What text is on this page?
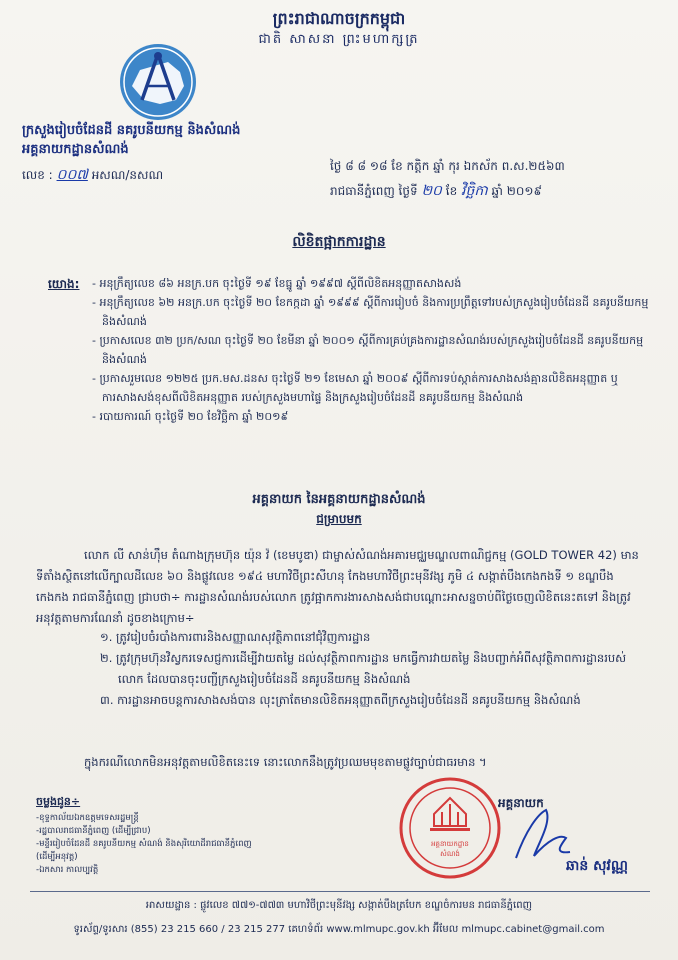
ព្រះរាជាណាចក្រកម្ពុជា
ជាតិ សាសនា ព្រះមហាក្សត្រ
ក្រសួងរៀបចំដែនដី នគរូបនីយកម្ម និងសំណង់
អគ្គនាយកដ្ឋានសំណង់
លេខ : ០០៧ អសណ/នសណ
ថ្ងៃ ៨ ៨ ១៨ ខែ កត្តិក ឆ្នាំ កុរ ឯកស័ក ព.ស.២៥៦៣
រាជធានីភ្នំពេញ ថ្ងៃទី ២០ ខែ វិច្ឆិកា ឆ្នាំ ២០១៩
លិខិតផ្អាកការដ្ឋាន
យោង: - អនុក្រឹត្យលេខ ៨៦ អនក្រ.បក ចុះថ្ងៃទី ១៩ ខែធ្នូ ឆ្នាំ ១៩៩៧ ស្តីពីលិខិតអនុញ្ញាតសាងសង់
- អនុក្រឹត្យលេខ ៦២ អនក្រ.បក ចុះថ្ងៃទី ២០ ខែកក្កដា ឆ្នាំ ១៩៩៩ ស្តីពីការរៀបចំ និងការប្រព្រឹត្តទៅរបស់ក្រសួងរៀបចំដែនដី នគរូបនីយកម្ម និងសំណង់
- ប្រកាសលេខ ៣២ ប្រក/សណ ចុះថ្ងៃទី ២០ ខែមីនា ឆ្នាំ ២០០១ ស្តីពីការគ្រប់គ្រងការដ្ឋានសំណង់របស់ក្រសួងរៀបចំដែនដី នគរូបនីយកម្ម និងសំណង់
- ប្រកាសរួមលេខ ១២២៥ ប្រក.មស.ដនស ចុះថ្ងៃទី ២១ ខែមេសា ឆ្នាំ ២០០៩ ស្តីពីការទប់ស្កាត់ការសាងសង់គ្មានលិខិតអនុញ្ញាត ឬ ការសាងសង់ខុសពីលិខិតអនុញ្ញាត របស់ក្រសួងមហាផ្ទៃ និងក្រសួងរៀបចំដែនដី នគរូបនីយកម្ម និងសំណង់
- របាយការណ៍ ចុះថ្ងៃទី ២០ ខែវិច្ឆិកា ឆ្នាំ ២០១៩
អគ្គនាយក នៃអគ្គនាយកដ្ឋានសំណង់
ជម្រាបមក
លោក លី សាន់ហ៊ឹម តំណាងក្រុមហ៊ុន យ៉ុន វ៉ (ខេមបូឌា) ជាម្ចាស់សំណង់អគារមជ្ឈមណ្ឌលពាណិជ្ជកម្ម (GOLD TOWER 42) មានទីតាំងស្ថិតនៅលើក្បាលដីលេខ ៦០ និងផ្លូវលេខ ១៩៤ មហាវិថីព្រះសីហនុ កែងមហាវិថីព្រះមុនីវង្ស ភូមិ ៤ សង្កាត់បឹងកេងកងទី ១ ខណ្ឌបឹងកេងកង រាជធានីភ្នំពេញ ជ្រាបថា÷ ការដ្ឋានសំណង់របស់លោក ត្រូវផ្អាកការងារសាងសង់ជាបណ្តោះអាសន្នចាប់ពីថ្ងៃចេញលិខិតនេះតទៅ និងត្រូវអនុវត្តតាមការណែនាំ ដូចខាងក្រោម÷
១. ត្រូវរៀបចំរបាំងការពារនិងសញ្ញាណសុវត្ថិភាពនៅជុំវិញការដ្ឋាន
២. ត្រូវក្រុមហ៊ុនវិស្វករទេសជ្ញការដើម្បីវាយតម្លៃ ដល់សុវត្ថិភាពការដ្ឋាន មកធ្វើការវាយតម្លៃ និងបញ្ជាក់អំពីសុវត្ថិភាពការដ្ឋានរបស់លោក ដែលបានចុះបញ្ជីក្រសួងរៀបចំដែនដី នគរូបនីយកម្ម និងសំណង់
៣. ការដ្ឋានអាចបន្តការសាងសង់បាន លុះត្រាតែមានលិខិតអនុញ្ញាតពីក្រសួងរៀបចំដែនដី នគរូបនីយកម្ម និងសំណង់
ក្នុងករណីលោកមិនអនុវត្តតាមលិខិតនេះទេ នោះលោកនឹងត្រូវប្រឈមមុខតាមផ្លូវច្បាប់ជាធរមាន ។
ចម្លងជូន÷
-ខុទ្ទកាល័យឯកឧត្តមទេសរដ្ឋមន្ត្រី
-រដ្ឋបាលរាជធានីភ្នំពេញ (ដើម្បីជ្រាប)
-មន្ទីររៀបចំដែនដី នគរូបនីយកម្ម សំណង់ និងសុរិយោដីរាជធានីភ្នំពេញ
(ដើម្បីអនុវត្ត)
-ឯកសារ កាលប្បវត្តិ
អគ្គនាយកដ្ឋាន
សំណង់
អគ្គនាយក
ឆាន់ សុវណ្ណ
អាសយដ្ឋាន : ផ្លូវលេខ ៧៧១-៧៧៣ មហាវិថីព្រះមុនីវង្ស សង្កាត់បឹងត្របែក ខណ្ឌចំការមន រាជធានីភ្នំពេញ
ទូរស័ព្ទ/ទូរសារ (855) 23 215 660 / 23 215 277 គេហទំព័រ www.mlmupc.gov.kh អ៊ីមែល mlmupc.cabinet@gmail.com
